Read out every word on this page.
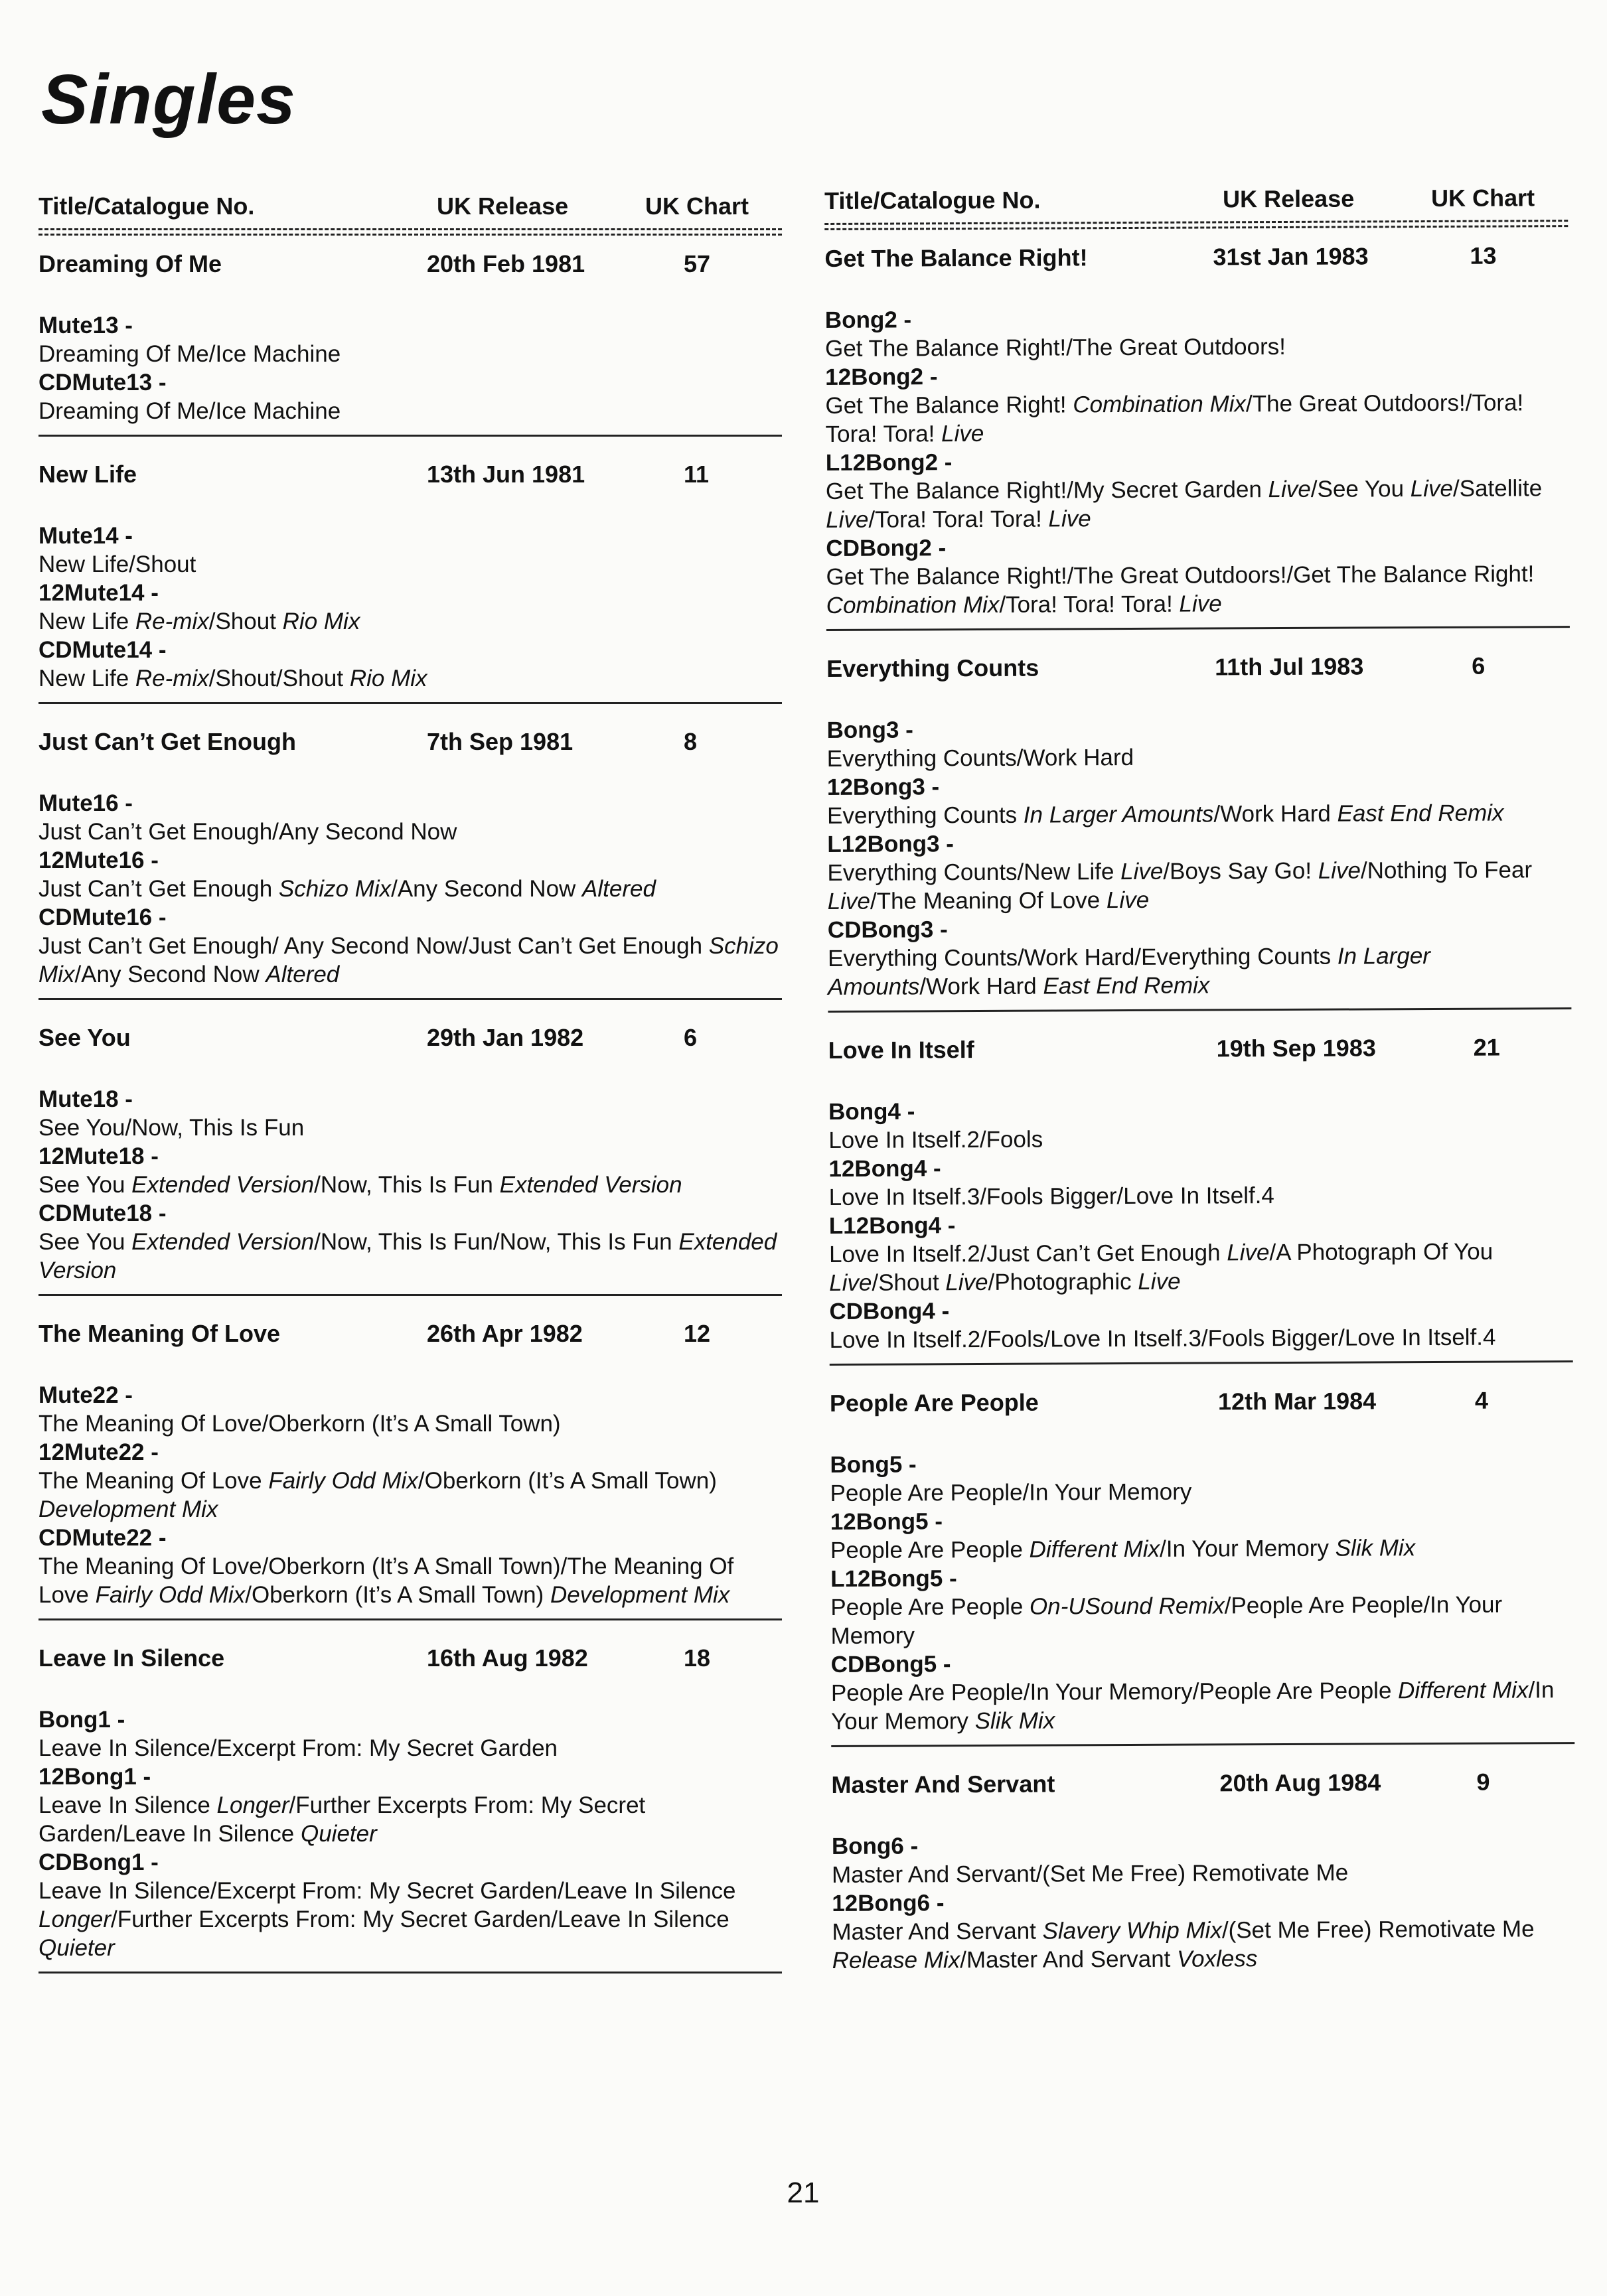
Singles
Title/Catalogue No.	UK Release	UK Chart
Dreaming Of Me	20th Feb 1981	57
Mute13 -
Dreaming Of Me/Ice Machine
CDMute13 -
Dreaming Of Me/Ice Machine
New Life	13th Jun 1981	11
Mute14 -
New Life/Shout
12Mute14 -
New Life Re-mix/Shout Rio Mix
CDMute14 -
New Life Re-mix/Shout/Shout Rio Mix
Just Can’t Get Enough	7th Sep 1981	8
Mute16 -
Just Can’t Get Enough/Any Second Now
12Mute16 -
Just Can’t Get Enough Schizo Mix/Any Second Now Altered
CDMute16 -
Just Can’t Get Enough/ Any Second Now/Just Can’t Get Enough Schizo Mix/Any Second Now Altered
See You	29th Jan 1982	6
Mute18 -
See You/Now, This Is Fun
12Mute18 -
See You Extended Version/Now, This Is Fun Extended Version
CDMute18 -
See You Extended Version/Now, This Is Fun/Now, This Is Fun Extended Version
The Meaning Of Love	26th Apr 1982	12
Mute22 -
The Meaning Of Love/Oberkorn (It’s A Small Town)
12Mute22 -
The Meaning Of Love Fairly Odd Mix/Oberkorn (It’s A Small Town) Development Mix
CDMute22 -
The Meaning Of Love/Oberkorn (It’s A Small Town)/The Meaning Of Love Fairly Odd Mix/Oberkorn (It’s A Small Town) Development Mix
Leave In Silence	16th Aug 1982	18
Bong1 -
Leave In Silence/Excerpt From: My Secret Garden
12Bong1 -
Leave In Silence Longer/Further Excerpts From: My Secret Garden/Leave In Silence Quieter
CDBong1 -
Leave In Silence/Excerpt From: My Secret Garden/Leave In Silence Longer/Further Excerpts From: My Secret Garden/Leave In Silence Quieter
Title/Catalogue No.	UK Release	UK Chart
Get The Balance Right!	31st Jan 1983	13
Bong2 -
Get The Balance Right!/The Great Outdoors!
12Bong2 -
Get The Balance Right! Combination Mix/The Great Outdoors!/Tora! Tora! Tora! Live
L12Bong2 -
Get The Balance Right!/My Secret Garden Live/See You Live/Satellite Live/Tora! Tora! Tora! Live
CDBong2 -
Get The Balance Right!/The Great Outdoors!/Get The Balance Right! Combination Mix/Tora! Tora! Tora! Live
Everything Counts	11th Jul 1983	6
Bong3 -
Everything Counts/Work Hard
12Bong3 -
Everything Counts In Larger Amounts/Work Hard East End Remix
L12Bong3 -
Everything Counts/New Life Live/Boys Say Go! Live/Nothing To Fear Live/The Meaning Of Love Live
CDBong3 -
Everything Counts/Work Hard/Everything Counts In Larger Amounts/Work Hard East End Remix
Love In Itself	19th Sep 1983	21
Bong4 -
Love In Itself.2/Fools
12Bong4 -
Love In Itself.3/Fools Bigger/Love In Itself.4
L12Bong4 -
Love In Itself.2/Just Can’t Get Enough Live/A Photograph Of You Live/Shout Live/Photographic Live
CDBong4 -
Love In Itself.2/Fools/Love In Itself.3/Fools Bigger/Love In Itself.4
People Are People	12th Mar 1984	4
Bong5 -
People Are People/In Your Memory
12Bong5 -
People Are People Different Mix/In Your Memory Slik Mix
L12Bong5 -
People Are People On-USound Remix/People Are People/In Your Memory
CDBong5 -
People Are People/In Your Memory/People Are People Different Mix/In Your Memory Slik Mix
Master And Servant	20th Aug 1984	9
Bong6 -
Master And Servant/(Set Me Free) Remotivate Me
12Bong6 -
Master And Servant Slavery Whip Mix/(Set Me Free) Remotivate Me Release Mix/Master And Servant Voxless
21
